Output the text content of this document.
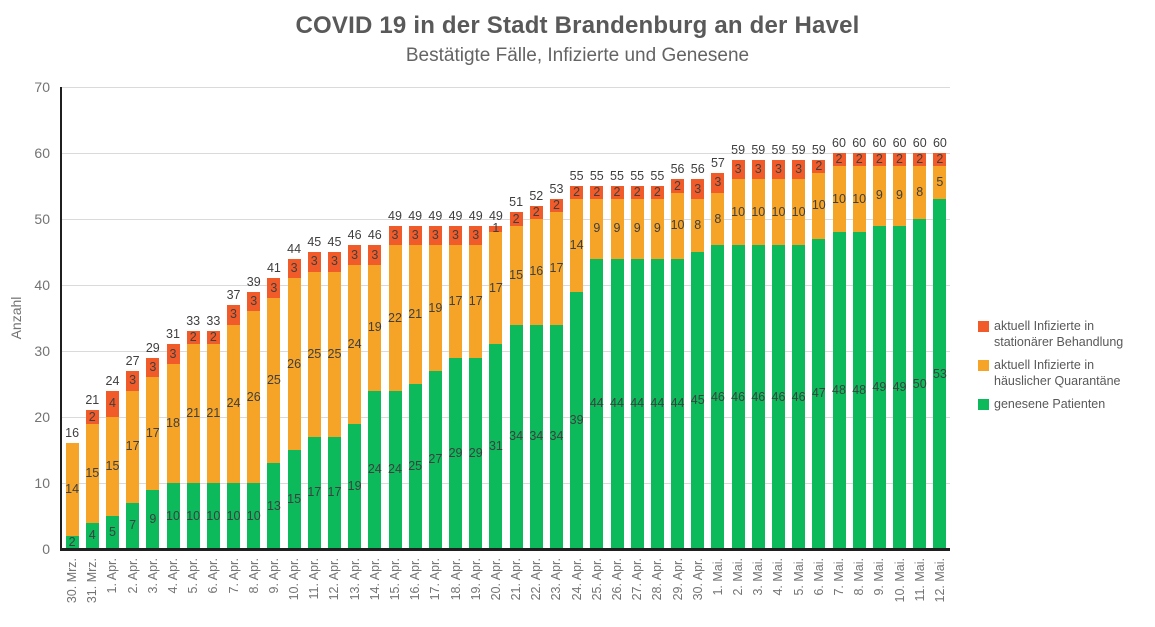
COVID 19 in der Stadt Brandenburg an der Havel
Bestätigte Fälle, Infizierte und Genesene
Anzahl
0
10
20
30
40
50
60
70
30. Mrz. 31. Mrz. 1. Apr. 2. Apr. 3. Apr. 4. Apr. 5. Apr. 6. Apr. 7. Apr. 8. Apr. 9. Apr. 10. Apr. 11. Apr. 12. Apr. 13. Apr. 14. Apr. 15. Apr. 16. Apr. 17. Apr. 18. Apr. 19. Apr. 20. Apr. 21. Apr. 22. Apr. 23. Apr. 24. Apr. 25. Apr. 26. Apr. 27. Apr. 28. Apr. 29. Apr. 30. Apr. 1. Mai. 2. Mai. 3. Mai. 4. Mai. 5. Mai. 6. Mai. 7. Mai. 8. Mai. 9. Mai. 10. Mai. 11. Mai. 12. Mai.
2
14
16
4
15
2
21
5
15
4
24
7
17
3
27
9
17
3
29
10
18
3
31
10
21
2
33
10
21
2
33
10
24
3
37
10
26
3
39
13
25
3
41
15
26
3
44
17
25
3
45
17
25
3
45
19
24
3
46
24
19
3
46
24
22
3
49
25
21
3
49
27
19
3
49
29
17
3
49
29
17
3
49
31
17
1
49
34
15
2
51
34
16
2
52
34
17
2
53
39
14
2
55
44
9
2
55
44
9
2
55
44
9
2
55
44
9
2
55
44
10
2
56
45
8
3
56
46
8
3
57
46
10
3
59
46
10
3
59
46
10
3
59
46
10
3
59
47
10
2
59
48
10
2
60
48
10
2
60
49
9
2
60
49
9
2
60
50
8
2
60
53
5
2
60
aktuell Infizierte in stationärer Behandlung
aktuell Infizierte in häuslicher Quarantäne
genesene Patienten
